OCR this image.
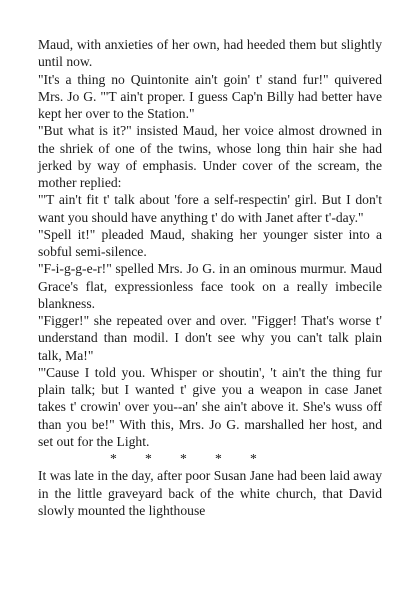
Maud, with anxieties of her own, had heeded them but slightly until now.

"It's a thing no Quintonite ain't goin' t' stand fur!" quivered Mrs. Jo G. "'T ain't proper. I guess Cap'n Billy had better have kept her over to the Station."

"But what is it?" insisted Maud, her voice almost drowned in the shriek of one of the twins, whose long thin hair she had jerked by way of emphasis. Under cover of the scream, the mother replied:

"'T ain't fit t' talk about 'fore a self-respectin' girl. But I don't want you should have anything t' do with Janet after t'-day."

"Spell it!" pleaded Maud, shaking her younger sister into a sobful semi-silence.

"F-i-g-g-e-r!" spelled Mrs. Jo G. in an ominous murmur. Maud Grace's flat, expressionless face took on a really imbecile blankness.

"Figger!" she repeated over and over. "Figger! That's worse t' understand than modil. I don't see why you can't talk plain talk, Ma!"

"'Cause I told you. Whisper or shoutin', 't ain't the thing fur plain talk; but I wanted t' give you a weapon in case Janet takes t' crowin' over you--an' she ain't above it. She's wuss off than you be!" With this, Mrs. Jo G. marshalled her host, and set out for the Light.

* * * * *

It was late in the day, after poor Susan Jane had been laid away in the little graveyard back of the white church, that David slowly mounted the lighthouse
